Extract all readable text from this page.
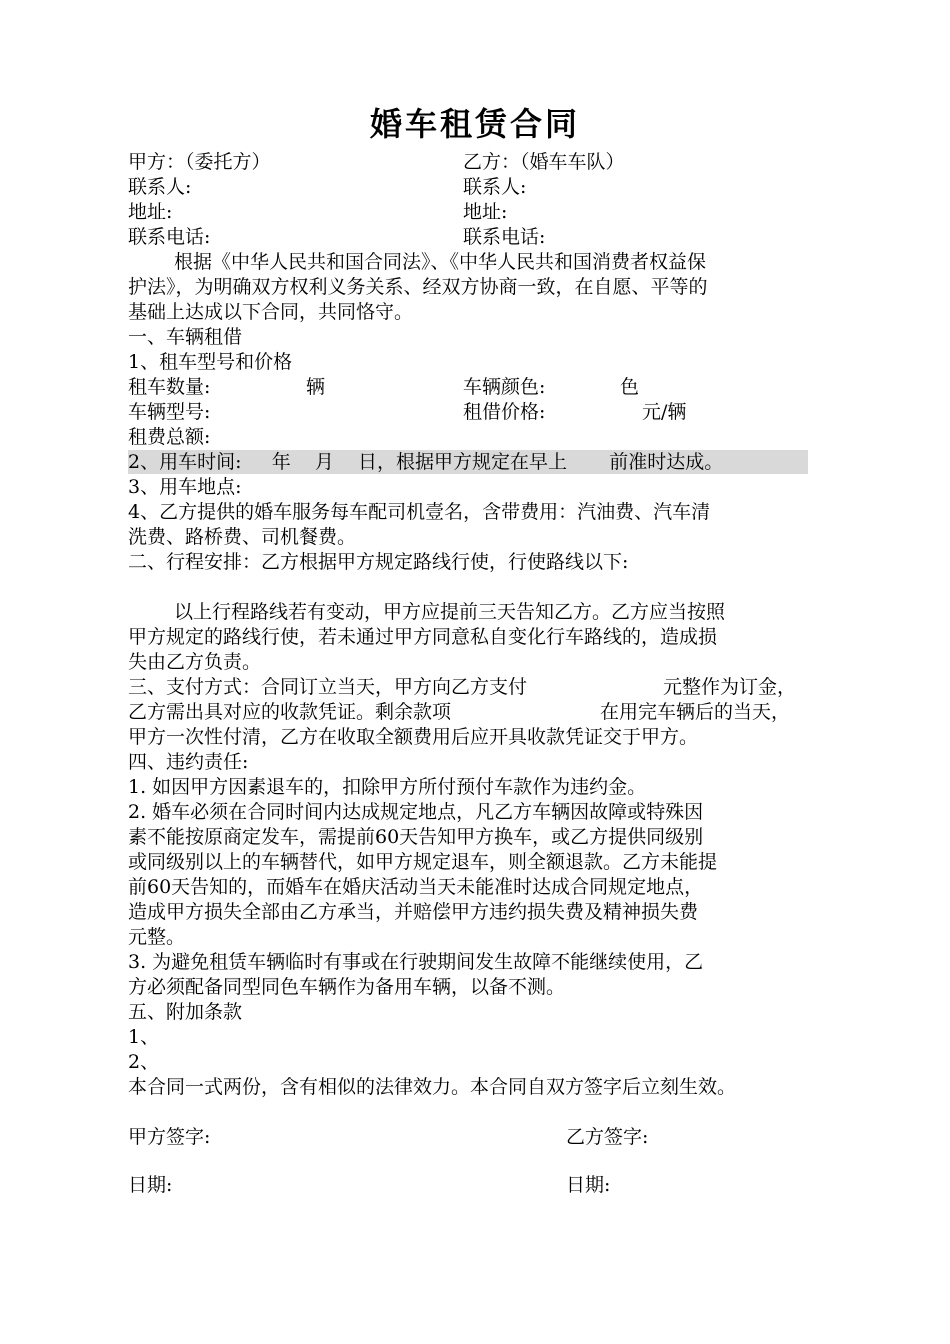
婚车租赁合同
甲方：（委托方）	乙方：（婚车车队）
联系人:	联系人:
地址:	地址:
联系电话:	联系电话:
根据《中华人民共和国合同法》、《中华人民共和国消费者权益保
护法》，为明确双方权利义务关系、经双方协商一致，在自愿、平等的
基础上达成以下合同，共同恪守。
一、车辆租借
1、租车型号和价格
租车数量:	辆	车辆颜色:	色
车辆型号:	租借价格:	元/辆
租费总额:
2、用车时间:     年    月    日，根据甲方规定在早上       前准时达成。
3、用车地点:
4、乙方提供的婚车服务每车配司机壹名，含带费用：汽油费、汽车清
洗费、路桥费、司机餐费。
二、行程安排：乙方根据甲方规定路线行使，行使路线以下:
以上行程路线若有变动，甲方应提前三天告知乙方。乙方应当按照
甲方规定的路线行使，若未通过甲方同意私自变化行车路线的，造成损
失由乙方负责。
三、支付方式：合同订立当天，甲方向乙方支付	元整作为订金，
乙方需出具对应的收款凭证。剩余款项	在用完车辆后的当天，
甲方一次性付清，乙方在收取全额费用后应开具收款凭证交于甲方。
四、违约责任:
1. 如因甲方因素退车的，扣除甲方所付预付车款作为违约金。
2. 婚车必须在合同时间内达成规定地点，凡乙方车辆因故障或特殊因
素不能按原商定发车，需提前60天告知甲方换车，或乙方提供同级别
或同级别以上的车辆替代，如甲方规定退车，则全额退款。乙方未能提
前60天告知的，而婚车在婚庆活动当天未能准时达成合同规定地点，
造成甲方损失全部由乙方承当，并赔偿甲方违约损失费及精神损失费
元整。
3. 为避免租赁车辆临时有事或在行驶期间发生故障不能继续使用，乙
方必须配备同型同色车辆作为备用车辆，以备不测。
五、附加条款
1、
2、
本合同一式两份，含有相似的法律效力。本合同自双方签字后立刻生效。
甲方签字:	乙方签字:
日期:	日期:
